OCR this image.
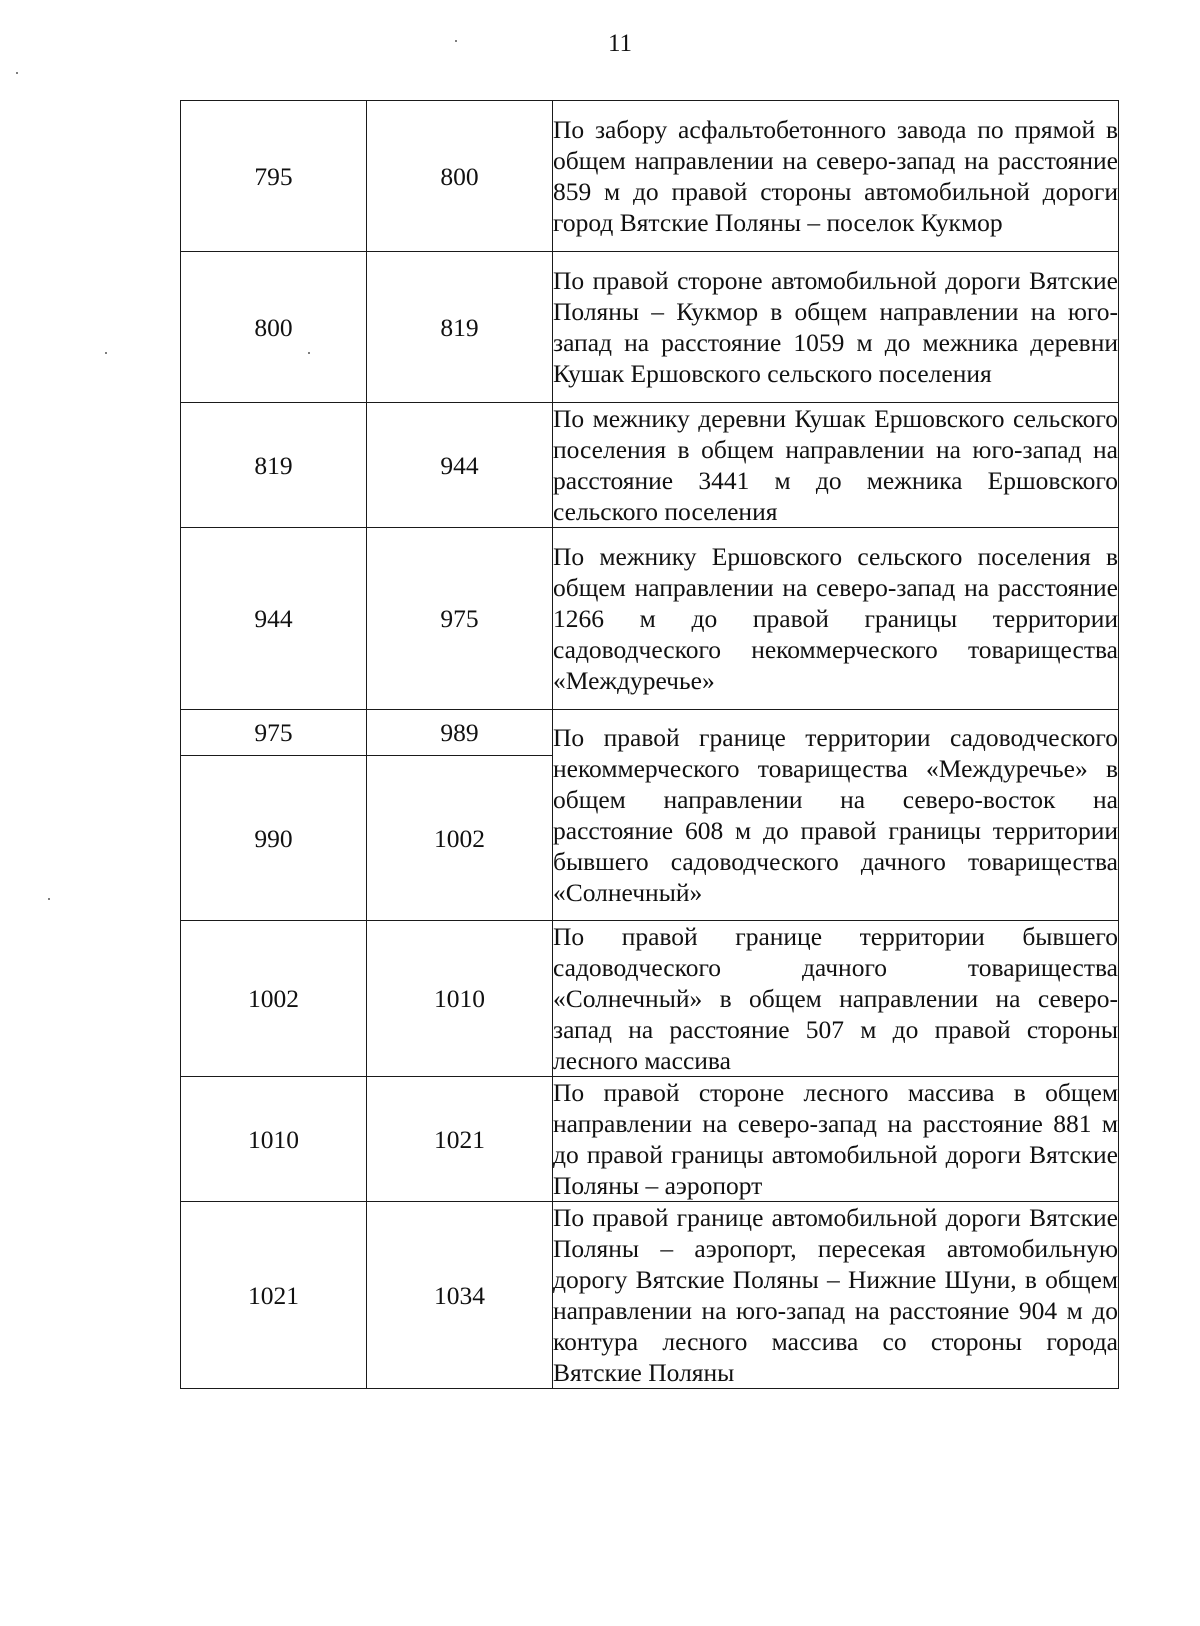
11
795	800	По забору асфальтобетонного завода по прямой в общем направлении на северо-запад на расстояние 859 м до правой стороны автомобильной дороги город Вятские Поляны – поселок Кукмор
800	819	По правой стороне автомобильной дороги Вятские Поляны – Кукмор в общем направлении на юго-запад на расстояние 1059 м до межника деревни Кушак Ершовского сельского поселения
819	944	По межнику деревни Кушак Ершовского сельского поселения в общем направлении на юго-запад на расстояние 3441 м до межника Ершовского сельского поселения
944	975	По межнику Ершовского сельского поселения в общем направлении на северо-запад на расстояние 1266 м до правой границы территории садоводческого некоммерческого товарищества «Междуречье»
975	989	По правой границе территории садоводческого некоммерческого товарищества «Междуречье» в общем направлении на северо-восток на расстояние 608 м до правой границы территории бывшего садоводческого дачного товарищества «Солнечный»
990	1002	
1002	1010	По правой границе территории бывшего садоводческого дачного товарищества «Солнечный» в общем направлении на северо-запад на расстояние 507 м до правой стороны лесного массива
1010	1021	По правой стороне лесного массива в общем направлении на северо-запад на расстояние 881 м до правой границы автомобильной дороги Вятские Поляны – аэропорт
1021	1034	По правой границе автомобильной дороги Вятские Поляны – аэропорт, пересекая автомобильную дорогу Вятские Поляны – Нижние Шуни, в общем направлении на юго-запад на расстояние 904 м до контура лесного массива со стороны города Вятские Поляны
